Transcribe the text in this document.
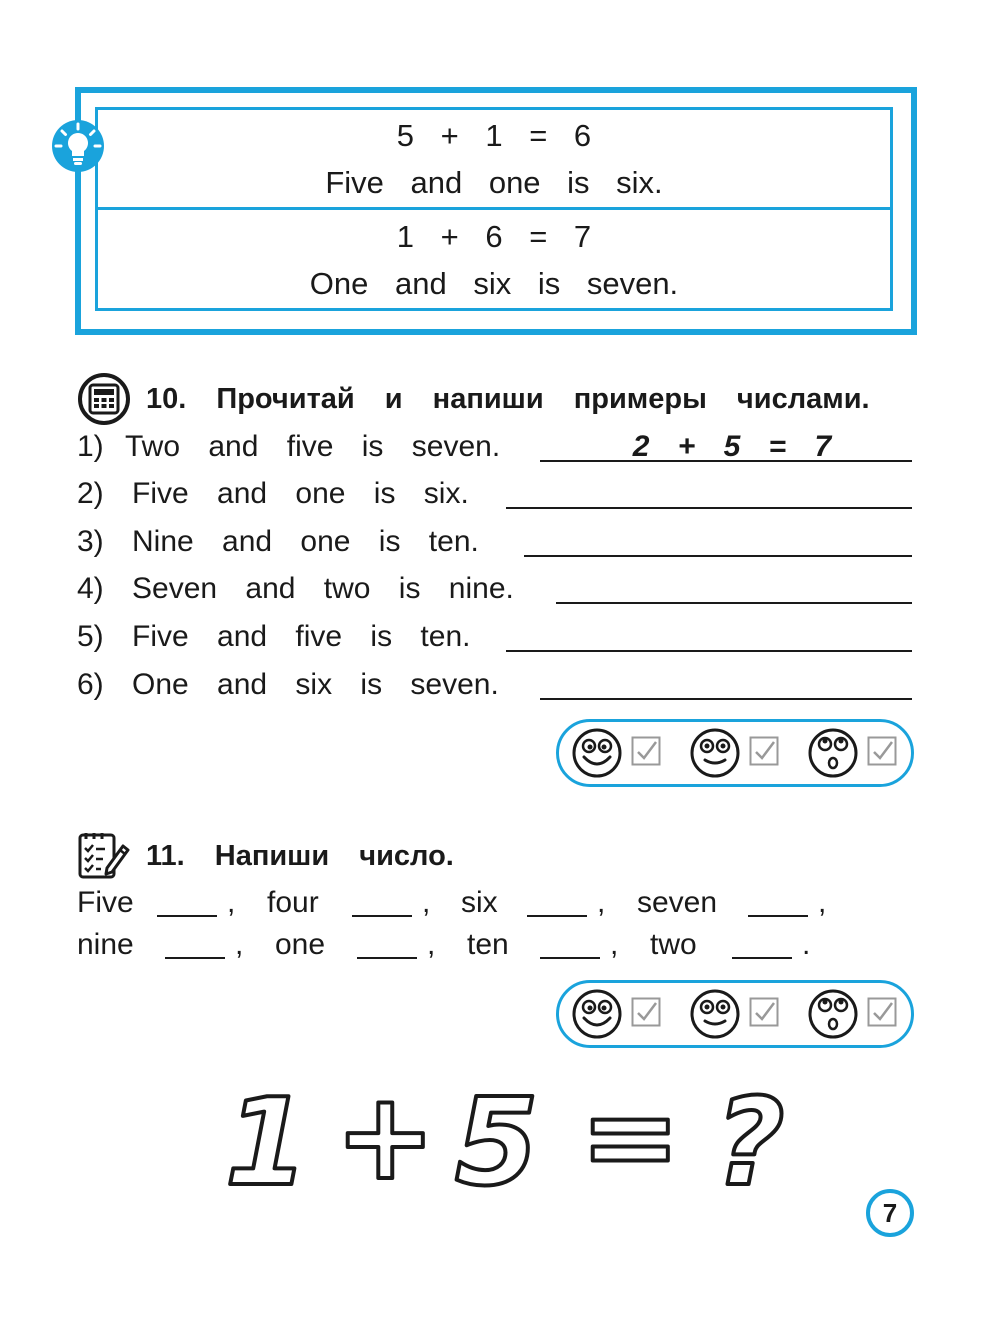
5 + 1 = 6
Five and one is six.
1 + 6 = 7
One and six is seven.
10. Прочитай и напиши примеры числами.
1) Two and five is seven.	2 + 5 = 7
2) Five and one is six.
3) Nine and one is ten.
4) Seven and two is nine.
5) Five and five is ten.
6) One and six is seven.
11. Напиши число.
Five	, four	, six	, seven	,
nine	, one	, ten	, two	.
1 + 5 = ?	7
